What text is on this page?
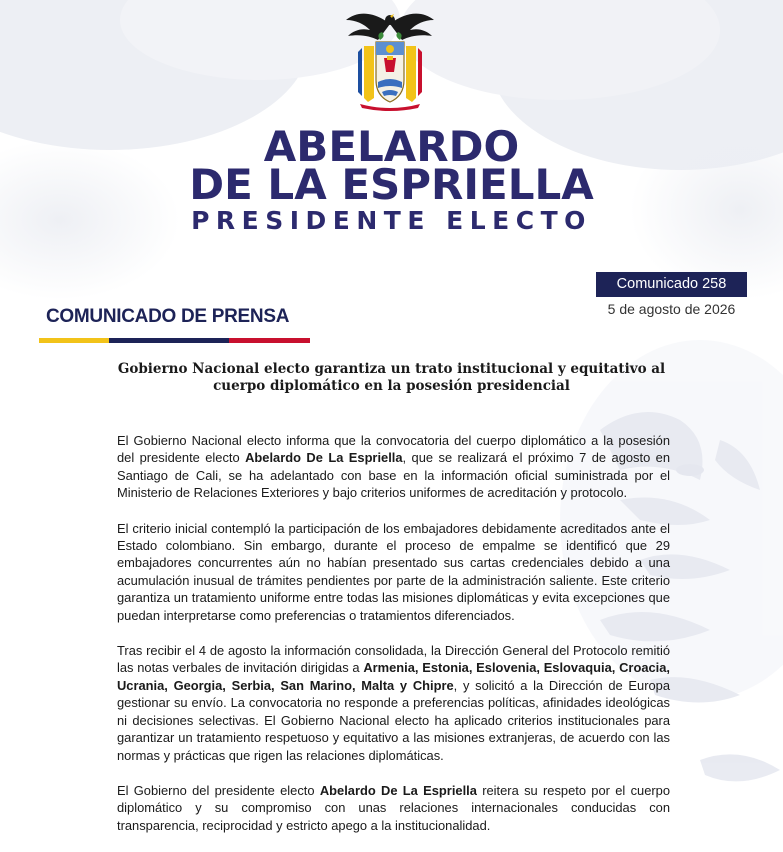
ABELARDO
DE LA ESPRIELLA
PRESIDENTE ELECTO
Comunicado 258
5 de agosto de 2026
COMUNICADO DE PRENSA
Gobierno Nacional electo garantiza un trato institucional y equitativo al
cuerpo diplomático en la posesión presidencial

El Gobierno Nacional electo informa que la convocatoria del cuerpo diplomático a la posesión del presidente electo Abelardo De La Espriella, que se realizará el próximo 7 de agosto en Santiago de Cali, se ha adelantado con base en la información oficial suministrada por el Ministerio de Relaciones Exteriores y bajo criterios uniformes de acreditación y protocolo.

El criterio inicial contempló la participación de los embajadores debidamente acreditados ante el Estado colombiano. Sin embargo, durante el proceso de empalme se identificó que 29 embajadores concurrentes aún no habían presentado sus cartas credenciales debido a una acumulación inusual de trámites pendientes por parte de la administración saliente. Este criterio garantiza un tratamiento uniforme entre todas las misiones diplomáticas y evita excepciones que puedan interpretarse como preferencias o tratamientos diferenciados.

Tras recibir el 4 de agosto la información consolidada, la Dirección General del Protocolo remitió las notas verbales de invitación dirigidas a Armenia, Estonia, Eslovenia, Eslovaquia, Croacia, Ucrania, Georgia, Serbia, San Marino, Malta y Chipre, y solicitó a la Dirección de Europa gestionar su envío. La convocatoria no responde a preferencias políticas, afinidades ideológicas ni decisiones selectivas. El Gobierno Nacional electo ha aplicado criterios institucionales para garantizar un tratamiento respetuoso y equitativo a las misiones extranjeras, de acuerdo con las normas y prácticas que rigen las relaciones diplomáticas.

El Gobierno del presidente electo Abelardo De La Espriella reitera su respeto por el cuerpo diplomático y su compromiso con unas relaciones internacionales conducidas con transparencia, reciprocidad y estricto apego a la institucionalidad.
